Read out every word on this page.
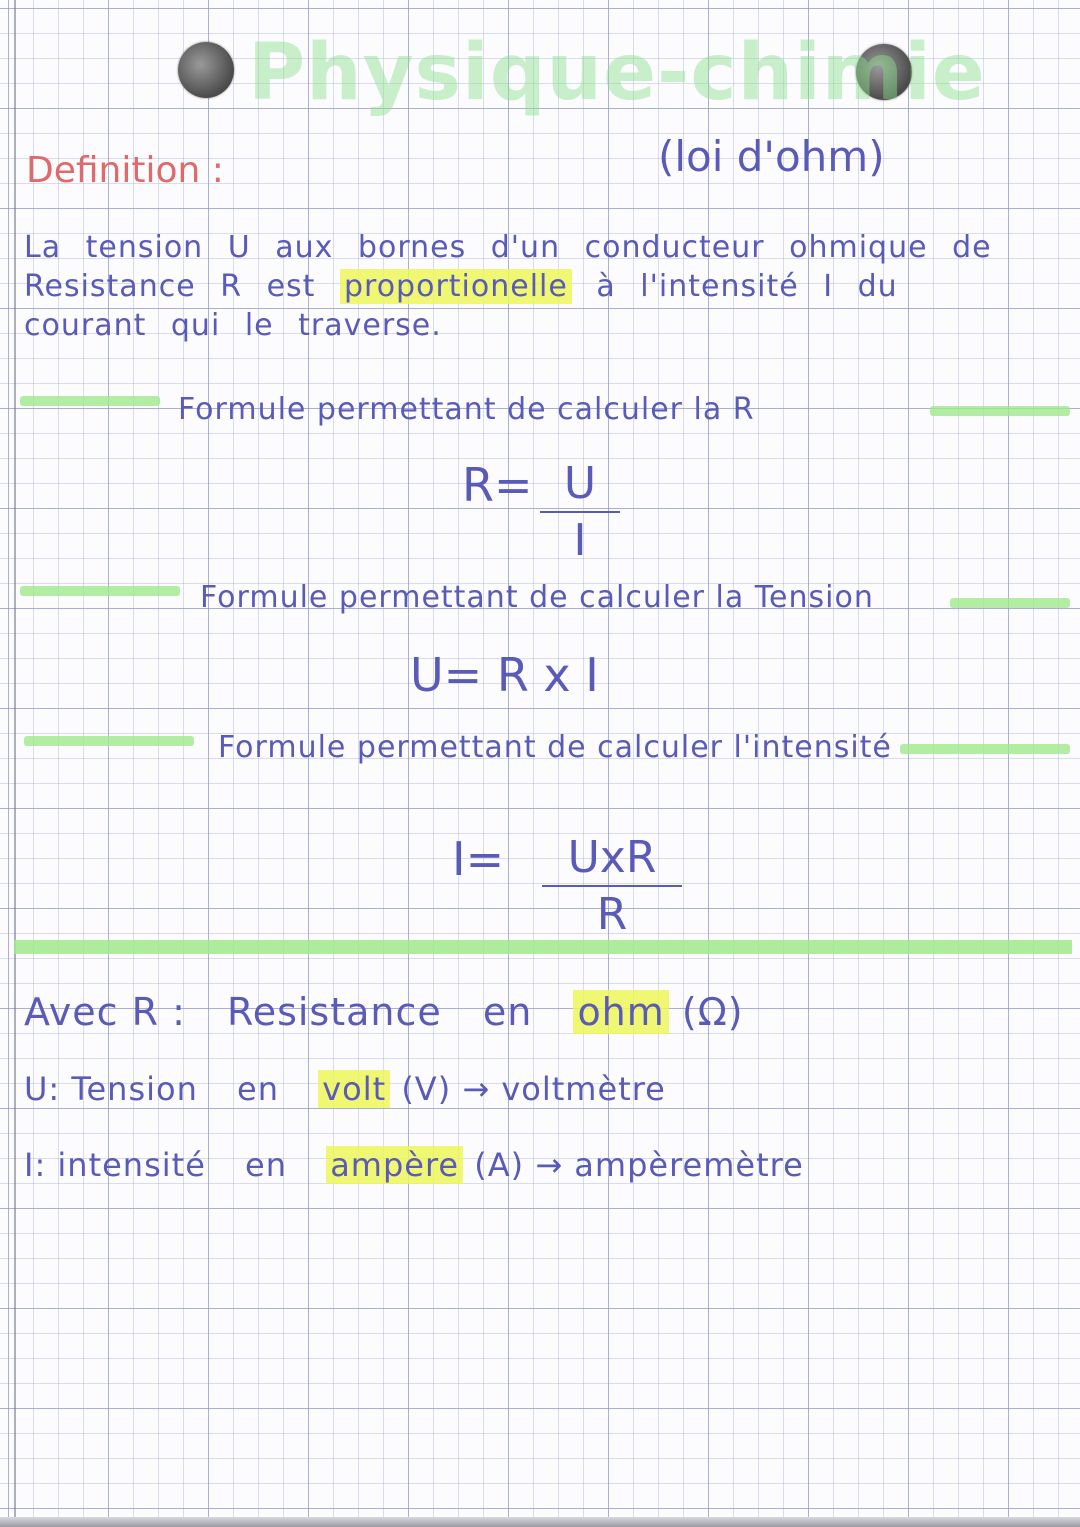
Physique-chimie
(loi d'ohm)
Definition :
La tension U aux bornes d'un conducteur ohmique de Resistance R est proportionelle à l'intensité I du courant qui le traverse.
Formule permettant de calculer la R
R= U
I
Formule permettant de calculer la Tension
U= R x I
Formule permettant de calculer l'intensité
I=	UxR
R
Avec R : Resistance en ohm (Ω)
U: Tension en volt (V) → voltmètre
I: intensité en ampère (A) → ampèremètre
